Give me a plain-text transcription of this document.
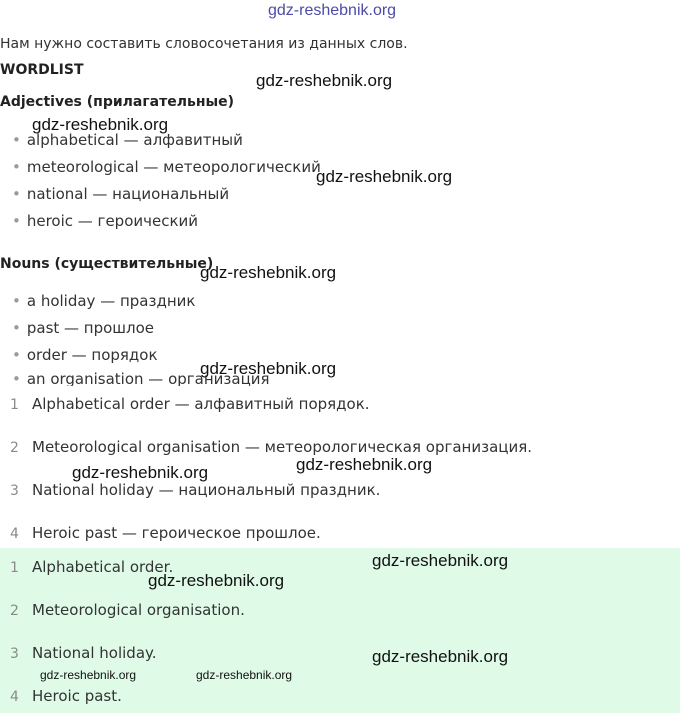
Нам нужно составить словосочетания из данных слов.
WORDLIST
Adjectives (прилагательные)
• alphabetical — алфавитный
• meteorological — метеорологический
• national — национальный
• heroic — героический
Nouns (существительные)
• a holiday — праздник
• past — прошлое
• order — порядок
• an organisation — организация
1 Alphabetical order — алфавитный порядок.
2 Meteorological organisation — метеорологическая организация.
3 National holiday — национальный праздник.
4 Heroic past — героическое прошлое.
1 Alphabetical order.
2 Meteorological organisation.
3 National holiday.
4 Heroic past.
gdz-reshebnik.org
gdz-reshebnik.org
gdz-reshebnik.org
gdz-reshebnik.org
gdz-reshebnik.org
gdz-reshebnik.org
gdz-reshebnik.org
gdz-reshebnik.org
gdz-reshebnik.org
gdz-reshebnik.org
gdz-reshebnik.org
gdz-reshebnik.org	gdz-reshebnik.org
